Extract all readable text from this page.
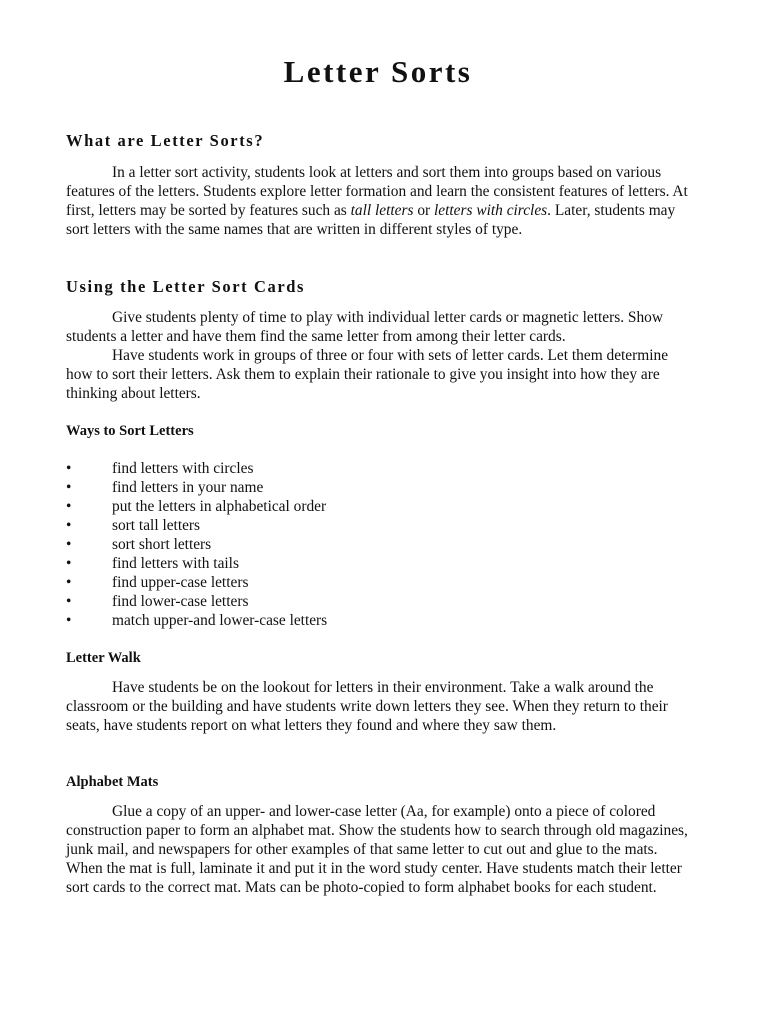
Letter Sorts
What are Letter Sorts?

In a letter sort activity, students look at letters and sort them into groups based on various features of the letters. Students explore letter formation and learn the consistent features of letters. At first, letters may be sorted by features such as tall letters or letters with circles. Later, students may sort letters with the same names that are written in different styles of type.

Using the Letter Sort Cards

Give students plenty of time to play with individual letter cards or magnetic letters. Show students a letter and have them find the same letter from among their letter cards.

Have students work in groups of three or four with sets of letter cards. Let them determine how to sort their letters. Ask them to explain their rationale to give you insight into how they are thinking about letters.

Ways to Sort Letters
•	find letters with circles
•	find letters in your name
•	put the letters in alphabetical order
•	sort tall letters
•	sort short letters
•	find letters with tails
•	find upper-case letters
•	find lower-case letters
•	match upper-and lower-case letters
Letter Walk

Have students be on the lookout for letters in their environment. Take a walk around the classroom or the building and have students write down letters they see. When they return to their seats, have students report on what letters they found and where they saw them.

Alphabet Mats

Glue a copy of an upper- and lower-case letter (Aa, for example) onto a piece of colored construction paper to form an alphabet mat. Show the students how to search through old magazines, junk mail, and newspapers for other examples of that same letter to cut out and glue to the mats. When the mat is full, laminate it and put it in the word study center. Have students match their letter sort cards to the correct mat. Mats can be photo-copied to form alphabet books for each student.
